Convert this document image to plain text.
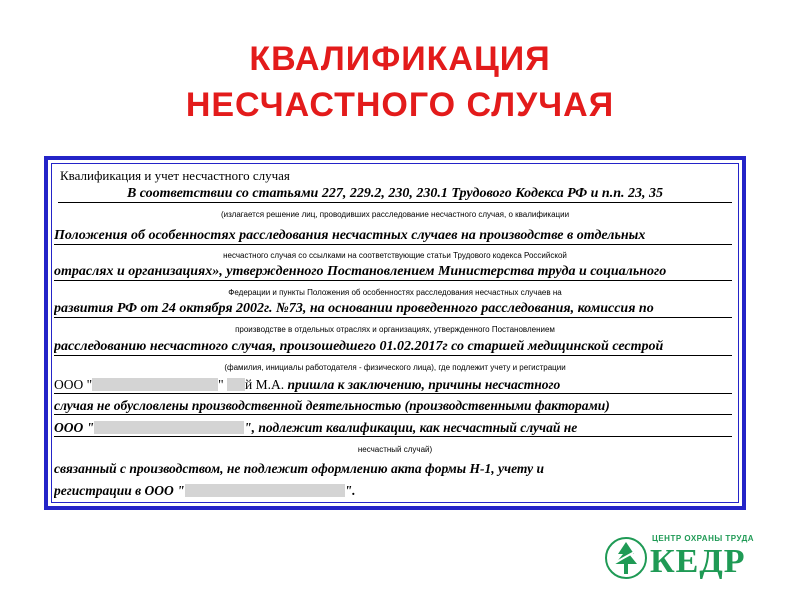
КВАЛИФИКАЦИЯ
НЕСЧАСТНОГО СЛУЧАЯ
Квалификация и учет несчастного случая
В соответствии со статьями 227, 229.2, 230, 230.1 Трудового Кодекса РФ и п.п. 23, 35
(излагается решение лиц, проводивших расследование несчастного случая, о квалификации
Положения об особенностях расследования несчастных случаев на производстве в отдельных
несчастного случая со ссылками на соответствующие статьи Трудового кодекса Российской
отраслях и организациях», утвержденного Постановлением Министерства труда и социального
Федерации и пункты Положения об особенностях расследования несчастных случаев на
развития РФ от 24 октября 2002г. №73, на основании проведенного расследования, комиссия по
производстве в отдельных отраслях и организациях, утвержденного Постановлением
расследованию несчастного случая, произошедшего 01.02.2017г со старшей медицинской сестрой
(фамилия, инициалы работодателя - физического лица), где подлежит учету и регистрации
ООО "	" й М.А. пришла к заключению, причины несчастного
случая не обусловлены производственной деятельностью (производственными факторами)
ООО "	", подлежит квалификации, как несчастный случай не
несчастный случай)
связанный с производством, не подлежит оформлению акта формы Н-1, учету и
регистрации в ООО "	".
ЦЕНТР ОХРАНЫ ТРУДА
КЕДР
